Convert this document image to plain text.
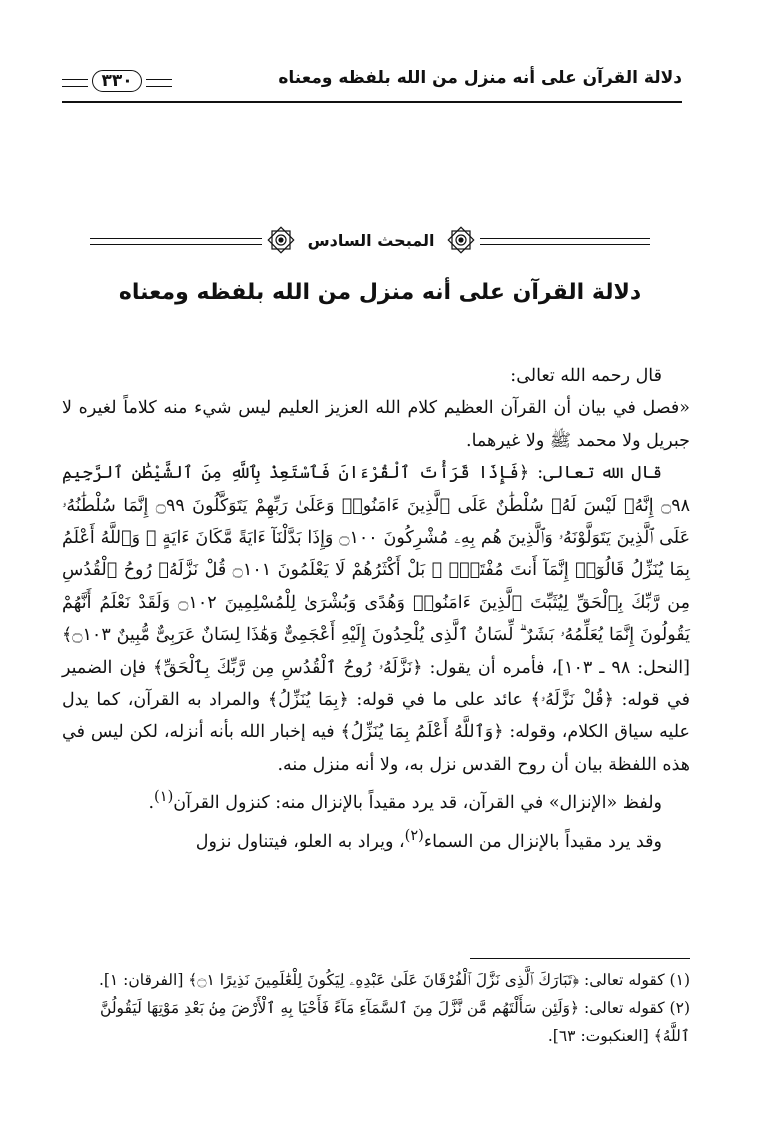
دلالة القرآن على أنه منزل من الله بلفظه ومعناه
٣٣٠
المبحث السادس
دلالة القرآن على أنه منزل من الله بلفظه ومعناه

قال رحمه الله تعالى:

«فصل في بيان أن القرآن العظيم كلام الله العزيز العليم ليس شيء منه كلاماً لغيره لا جبريل ولا محمد ﷺ ولا غيرهما.

قال الله تعالى: ﴿فَإِذَا قَرَأْتَ ٱلْقُرْءَانَ فَٱسْتَعِذْ بِٱللَّهِ مِنَ ٱلشَّيْطَٰنِ ٱلرَّجِيمِ ۝٩٨ إِنَّهُۥ لَيْسَ لَهُۥ سُلْطَٰنٌ عَلَى ٱلَّذِينَ ءَامَنُوا۟ وَعَلَىٰ رَبِّهِمْ يَتَوَكَّلُونَ ۝٩٩ إِنَّمَا سُلْطَٰنُهُۥ عَلَى ٱلَّذِينَ يَتَوَلَّوْنَهُۥ وَٱلَّذِينَ هُم بِهِۦ مُشْرِكُونَ ۝١٠٠ وَإِذَا بَدَّلْنَآ ءَايَةً مَّكَانَ ءَايَةٍ ۙ وَٱللَّهُ أَعْلَمُ بِمَا يُنَزِّلُ قَالُوٓا۟ إِنَّمَآ أَنتَ مُفْتَرٍۭ ۚ بَلْ أَكْثَرُهُمْ لَا يَعْلَمُونَ ۝١٠١ قُلْ نَزَّلَهُۥ رُوحُ ٱلْقُدُسِ مِن رَّبِّكَ بِٱلْحَقِّ لِيُثَبِّتَ ٱلَّذِينَ ءَامَنُوا۟ وَهُدًى وَبُشْرَىٰ لِلْمُسْلِمِينَ ۝١٠٢ وَلَقَدْ نَعْلَمُ أَنَّهُمْ يَقُولُونَ إِنَّمَا يُعَلِّمُهُۥ بَشَرٌ ۗ لِّسَانُ ٱلَّذِى يُلْحِدُونَ إِلَيْهِ أَعْجَمِىٌّ وَهَٰذَا لِسَانٌ عَرَبِىٌّ مُّبِينٌ ۝١٠٣﴾ [النحل: ٩٨ ـ ١٠٣]، فأمره أن يقول: ﴿نَزَّلَهُۥ رُوحُ ٱلْقُدُسِ مِن رَّبِّكَ بِٱلْحَقِّ﴾ فإن الضمير في قوله: ﴿قُلْ نَزَّلَهُۥ﴾ عائد على ما في قوله: ﴿بِمَا يُنَزِّلُ﴾ والمراد به القرآن، كما يدل عليه سياق الكلام، وقوله: ﴿وَٱللَّهُ أَعْلَمُ بِمَا يُنَزِّلُ﴾ فيه إخبار الله بأنه أنزله، لكن ليس في هذه اللفظة بيان أن روح القدس نزل به، ولا أنه منزل منه.

ولفظ «الإنزال» في القرآن، قد يرد مقيداً بالإنزال منه: كنزول القرآن$^{(١)}$.

وقد يرد مقيداً بالإنزال من السماء$^{(٢)}$، ويراد به العلو، فيتناول نزول

(١) كقوله تعالى: ﴿تَبَارَكَ ٱلَّذِى نَزَّلَ ٱلْفُرْقَانَ عَلَىٰ عَبْدِهِۦ لِيَكُونَ لِلْعَٰلَمِينَ نَذِيرًا ۝١﴾ [الفرقان: ١].

(٢) كقوله تعالى: ﴿وَلَئِن سَأَلْتَهُم مَّن نَّزَّلَ مِنَ ٱلسَّمَآءِ مَآءً فَأَحْيَا بِهِ ٱلْأَرْضَ مِنۢ بَعْدِ مَوْتِهَا لَيَقُولُنَّ ٱللَّهُ﴾ [العنكبوت: ٦٣].
